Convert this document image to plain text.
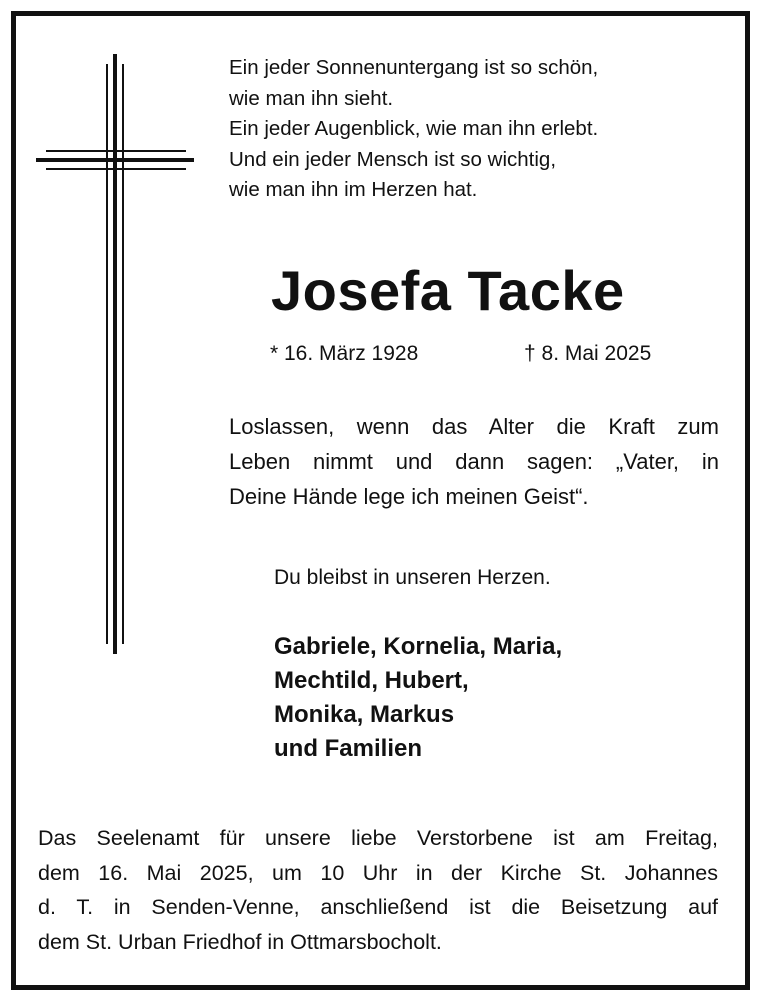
Ein jeder Sonnenuntergang ist so schön,
wie man ihn sieht.
Ein jeder Augenblick, wie man ihn erlebt.
Und ein jeder Mensch ist so wichtig,
wie man ihn im Herzen hat.
Josefa Tacke
* 16. März 1928	† 8. Mai 2025
Loslassen, wenn das Alter die Kraft zum
Leben nimmt und dann sagen: „Vater, in
Deine Hände lege ich meinen Geist“.
Du bleibst in unseren Herzen.
Gabriele, Kornelia, Maria,
Mechtild, Hubert,
Monika, Markus
und Familien
Das Seelenamt für unsere liebe Verstorbene ist am Freitag,
dem 16. Mai 2025, um 10 Uhr in der Kirche St. Johannes
d. T. in Senden-Venne, anschließend ist die Beisetzung auf
dem St. Urban Friedhof in Ottmarsbocholt.
